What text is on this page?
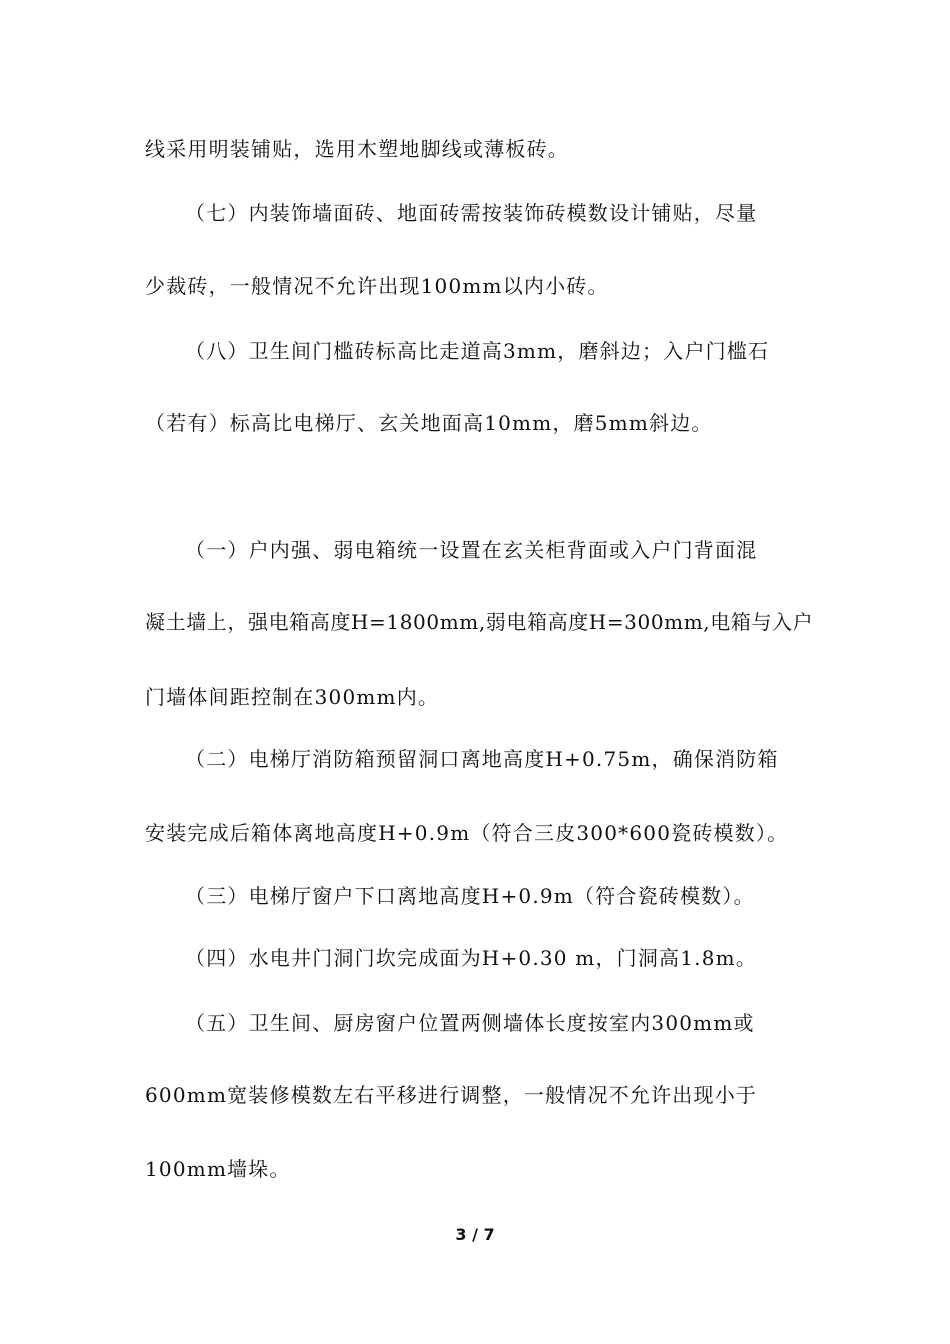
线采用明装铺贴，选用木塑地脚线或薄板砖。
（七）内装饰墙面砖、地面砖需按装饰砖模数设计铺贴，尽量
少裁砖，一般情况不允许出现100mm以内小砖。
（八）卫生间门槛砖标高比走道高3mm，磨斜边；入户门槛石
（若有）标高比电梯厅、玄关地面高10mm，磨5mm斜边。
（一）户内强、弱电箱统一设置在玄关柜背面或入户门背面混
凝土墙上，强电箱高度H=1800mm,弱电箱高度H=300mm,电箱与入户
门墙体间距控制在300mm内。
（二）电梯厅消防箱预留洞口离地高度H+0.75m，确保消防箱
安装完成后箱体离地高度H+0.9m（符合三皮300*600瓷砖模数）。
（三）电梯厅窗户下口离地高度H+0.9m（符合瓷砖模数）。
（四）水电井门洞门坎完成面为H+0.30 m，门洞高1.8m。
（五）卫生间、厨房窗户位置两侧墙体长度按室内300mm或
600mm宽装修模数左右平移进行调整，一般情况不允许出现小于
100mm墙垛。
3 / 7
